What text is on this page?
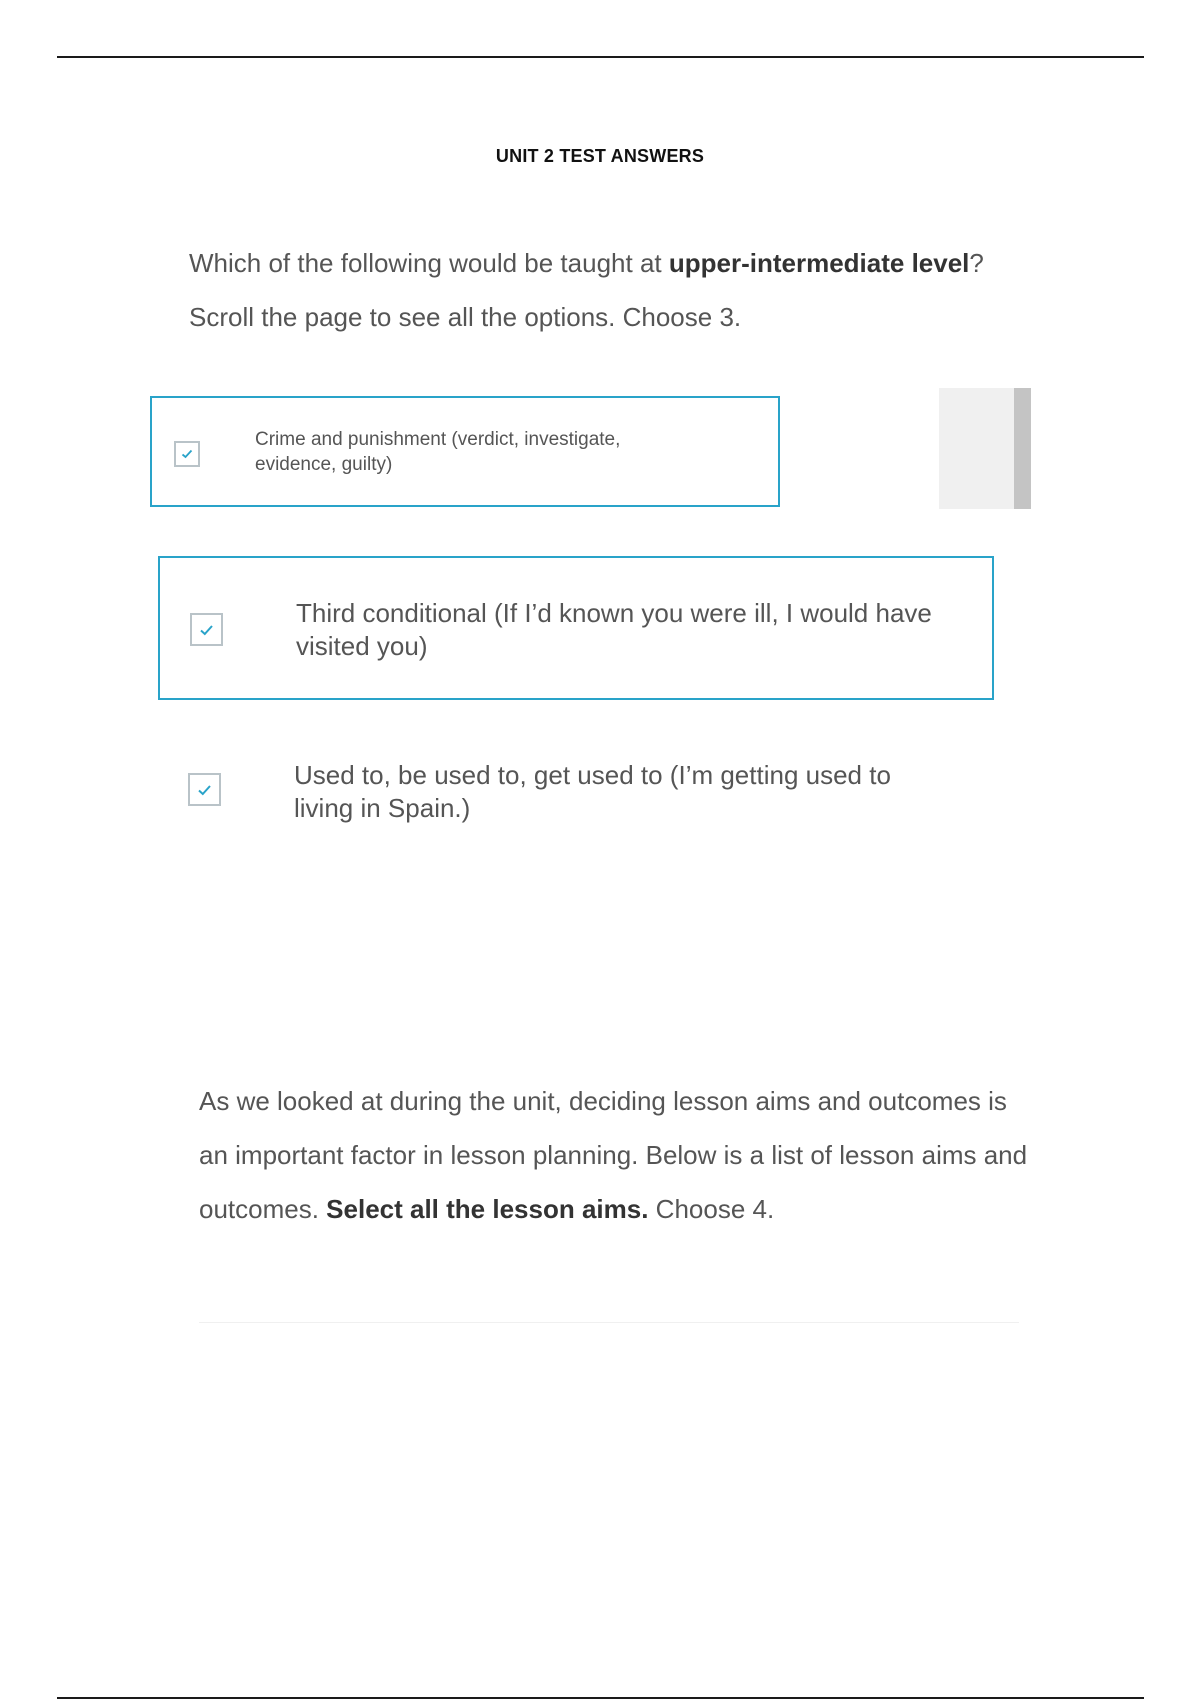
UNIT 2 TEST ANSWERS
Which of the following would be taught at upper-intermediate level? Scroll the page to see all the options. Choose 3.
Crime and punishment (verdict, investigate, evidence, guilty)
Third conditional (If I’d known you were ill, I would have visited you)
Used to, be used to, get used to (I’m getting used to living in Spain.)
As we looked at during the unit, deciding lesson aims and outcomes is an important factor in lesson planning. Below is a list of lesson aims and outcomes. Select all the lesson aims. Choose 4.
